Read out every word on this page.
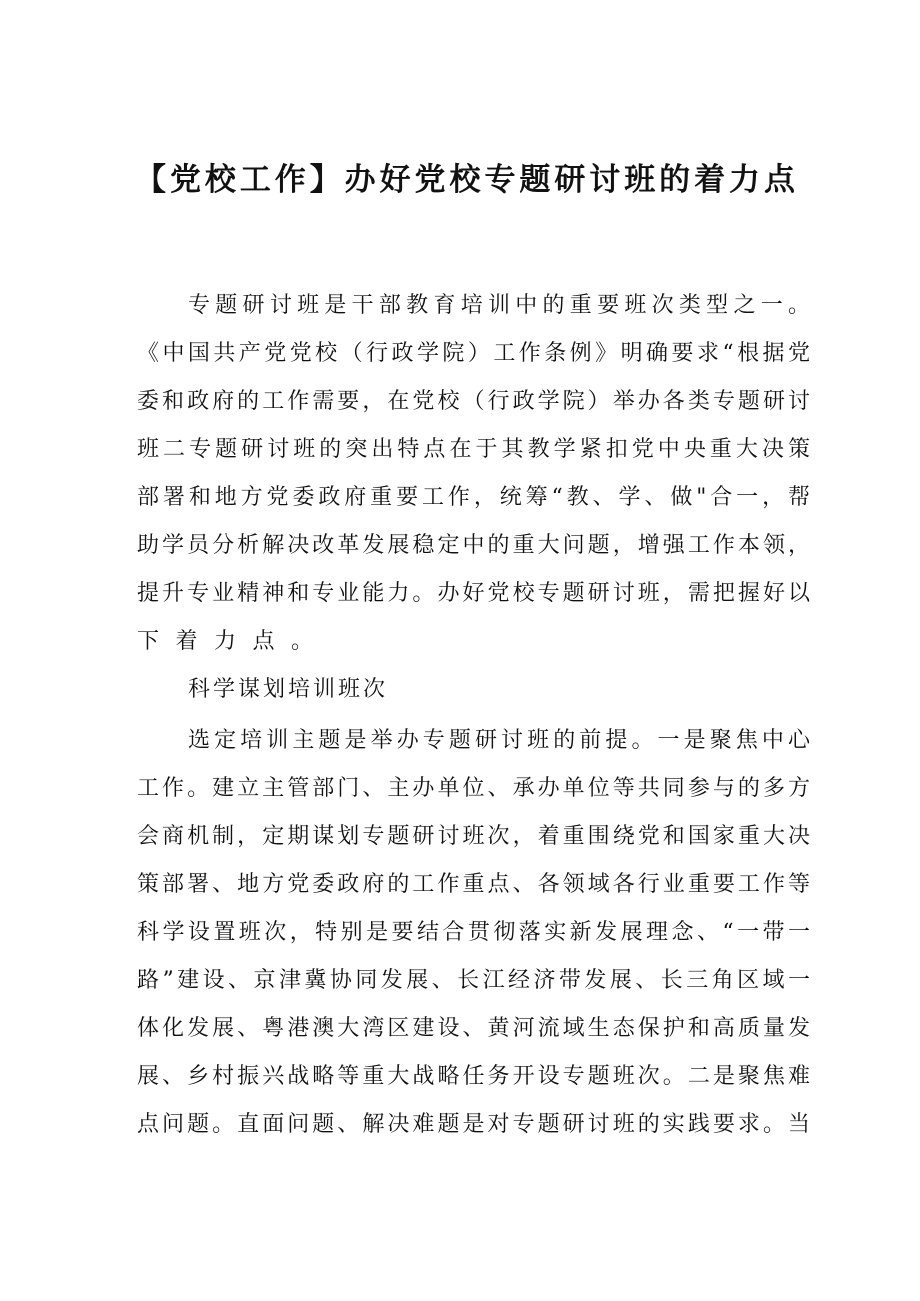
【党校工作】办好党校专题研讨班的着力点
专题研讨班是干部教育培训中的重要班次类型之一。
《中国共产党党校（行政学院）工作条例》明确要求“根据党
委和政府的工作需要，在党校（行政学院）举办各类专题研讨
班二专题研讨班的突出特点在于其教学紧扣党中央重大决策
部署和地方党委政府重要工作，统筹“教、学、做"合一，帮
助学员分析解决改革发展稳定中的重大问题，增强工作本领，
提升专业精神和专业能力。办好党校专题研讨班，需把握好以
下着力点。
科学谋划培训班次
选定培训主题是举办专题研讨班的前提。一是聚焦中心
工作。建立主管部门、主办单位、承办单位等共同参与的多方
会商机制，定期谋划专题研讨班次，着重围绕党和国家重大决
策部署、地方党委政府的工作重点、各领域各行业重要工作等
科学设置班次，特别是要结合贯彻落实新发展理念、“一带一
路”建设、京津冀协同发展、长江经济带发展、长三角区域一
体化发展、粤港澳大湾区建设、黄河流域生态保护和高质量发
展、乡村振兴战略等重大战略任务开设专题班次。二是聚焦难
点问题。直面问题、解决难题是对专题研讨班的实践要求。当
